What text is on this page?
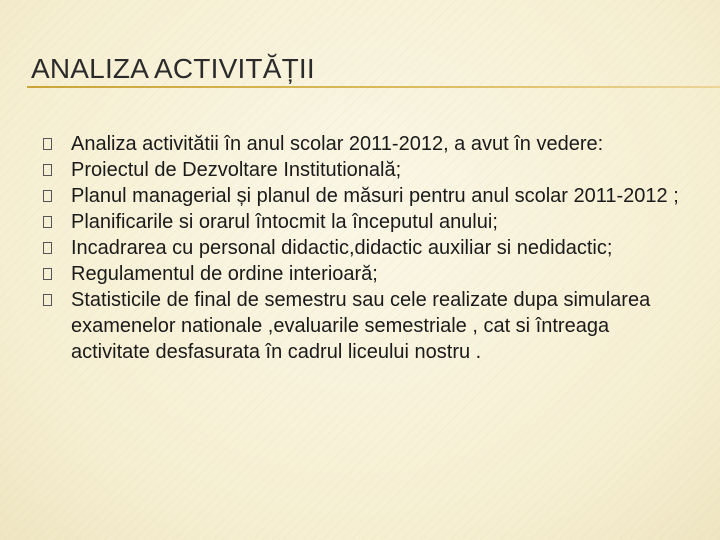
ANALIZA ACTIVITĂȚII
Analiza activitătii în anul scolar 2011-2012, a avut în vedere:
Proiectul de Dezvoltare Institutională;
Planul managerial și planul de măsuri pentru anul scolar 2011-2012 ;
Planificarile si orarul întocmit la începutul anului;
Incadrarea cu personal didactic,didactic auxiliar si nedidactic;
Regulamentul de ordine interioară;
Statisticile de final de semestru sau cele realizate dupa simularea examenelor nationale ,evaluarile semestriale , cat si întreaga activitate desfasurata în cadrul liceului nostru .
